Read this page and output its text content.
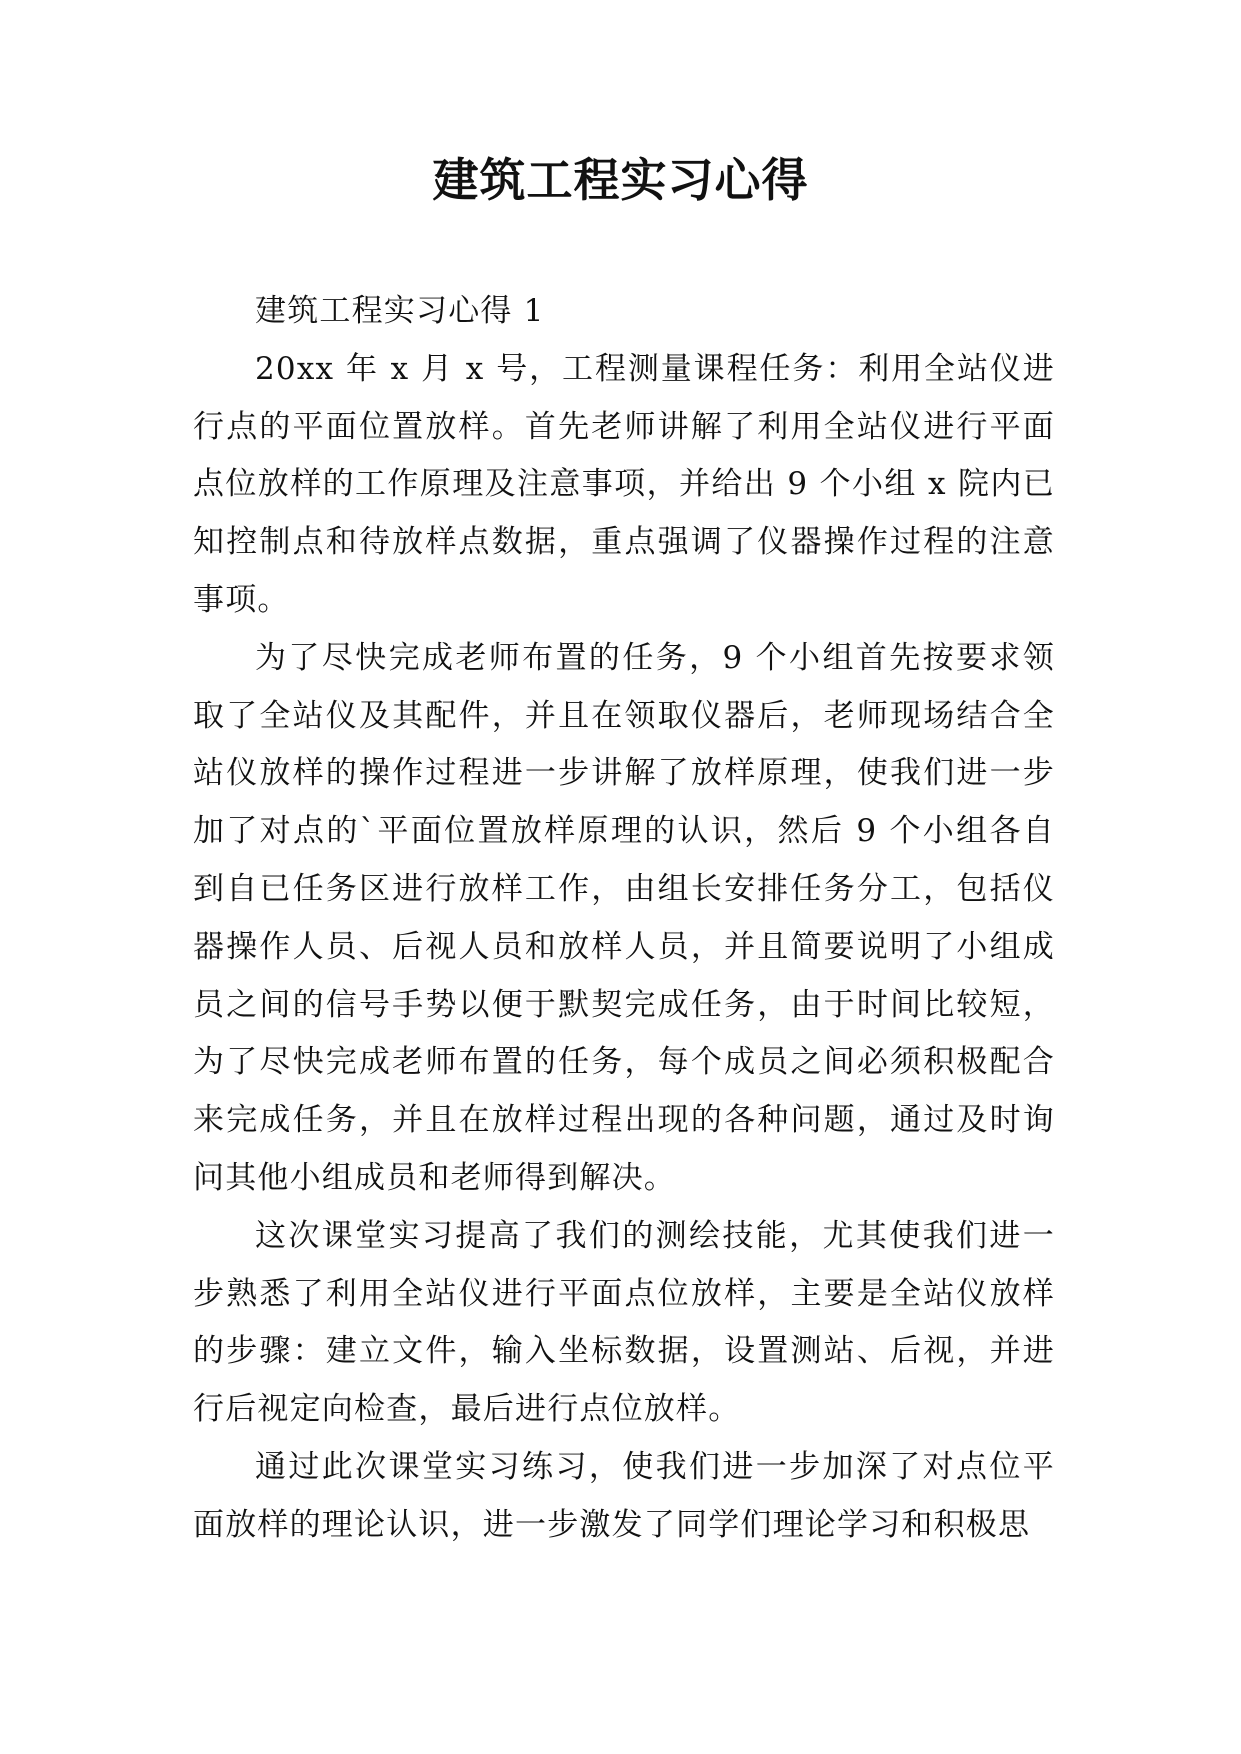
建筑工程实习心得

建筑工程实习心得 1

20xx 年 x 月 x 号，工程测量课程任务：利用全站仪进行点的平面位置放样。首先老师讲解了利用全站仪进行平面点位放样的工作原理及注意事项，并给出 9 个小组 x 院内已知控制点和待放样点数据，重点强调了仪器操作过程的注意事项。

为了尽快完成老师布置的任务，9 个小组首先按要求领取了全站仪及其配件，并且在领取仪器后，老师现场结合全站仪放样的操作过程进一步讲解了放样原理，使我们进一步加了对点的`平面位置放样原理的认识，然后 9 个小组各自到自已任务区进行放样工作，由组长安排任务分工，包括仪器操作人员、后视人员和放样人员，并且简要说明了小组成员之间的信号手势以便于默契完成任务，由于时间比较短，为了尽快完成老师布置的任务，每个成员之间必须积极配合来完成任务，并且在放样过程出现的各种问题，通过及时询问其他小组成员和老师得到解决。

这次课堂实习提高了我们的测绘技能，尤其使我们进一步熟悉了利用全站仪进行平面点位放样，主要是全站仪放样的步骤：建立文件，输入坐标数据，设置测站、后视，并进行后视定向检查，最后进行点位放样。

通过此次课堂实习练习，使我们进一步加深了对点位平面放样的理论认识，进一步激发了同学们理论学习和积极思
